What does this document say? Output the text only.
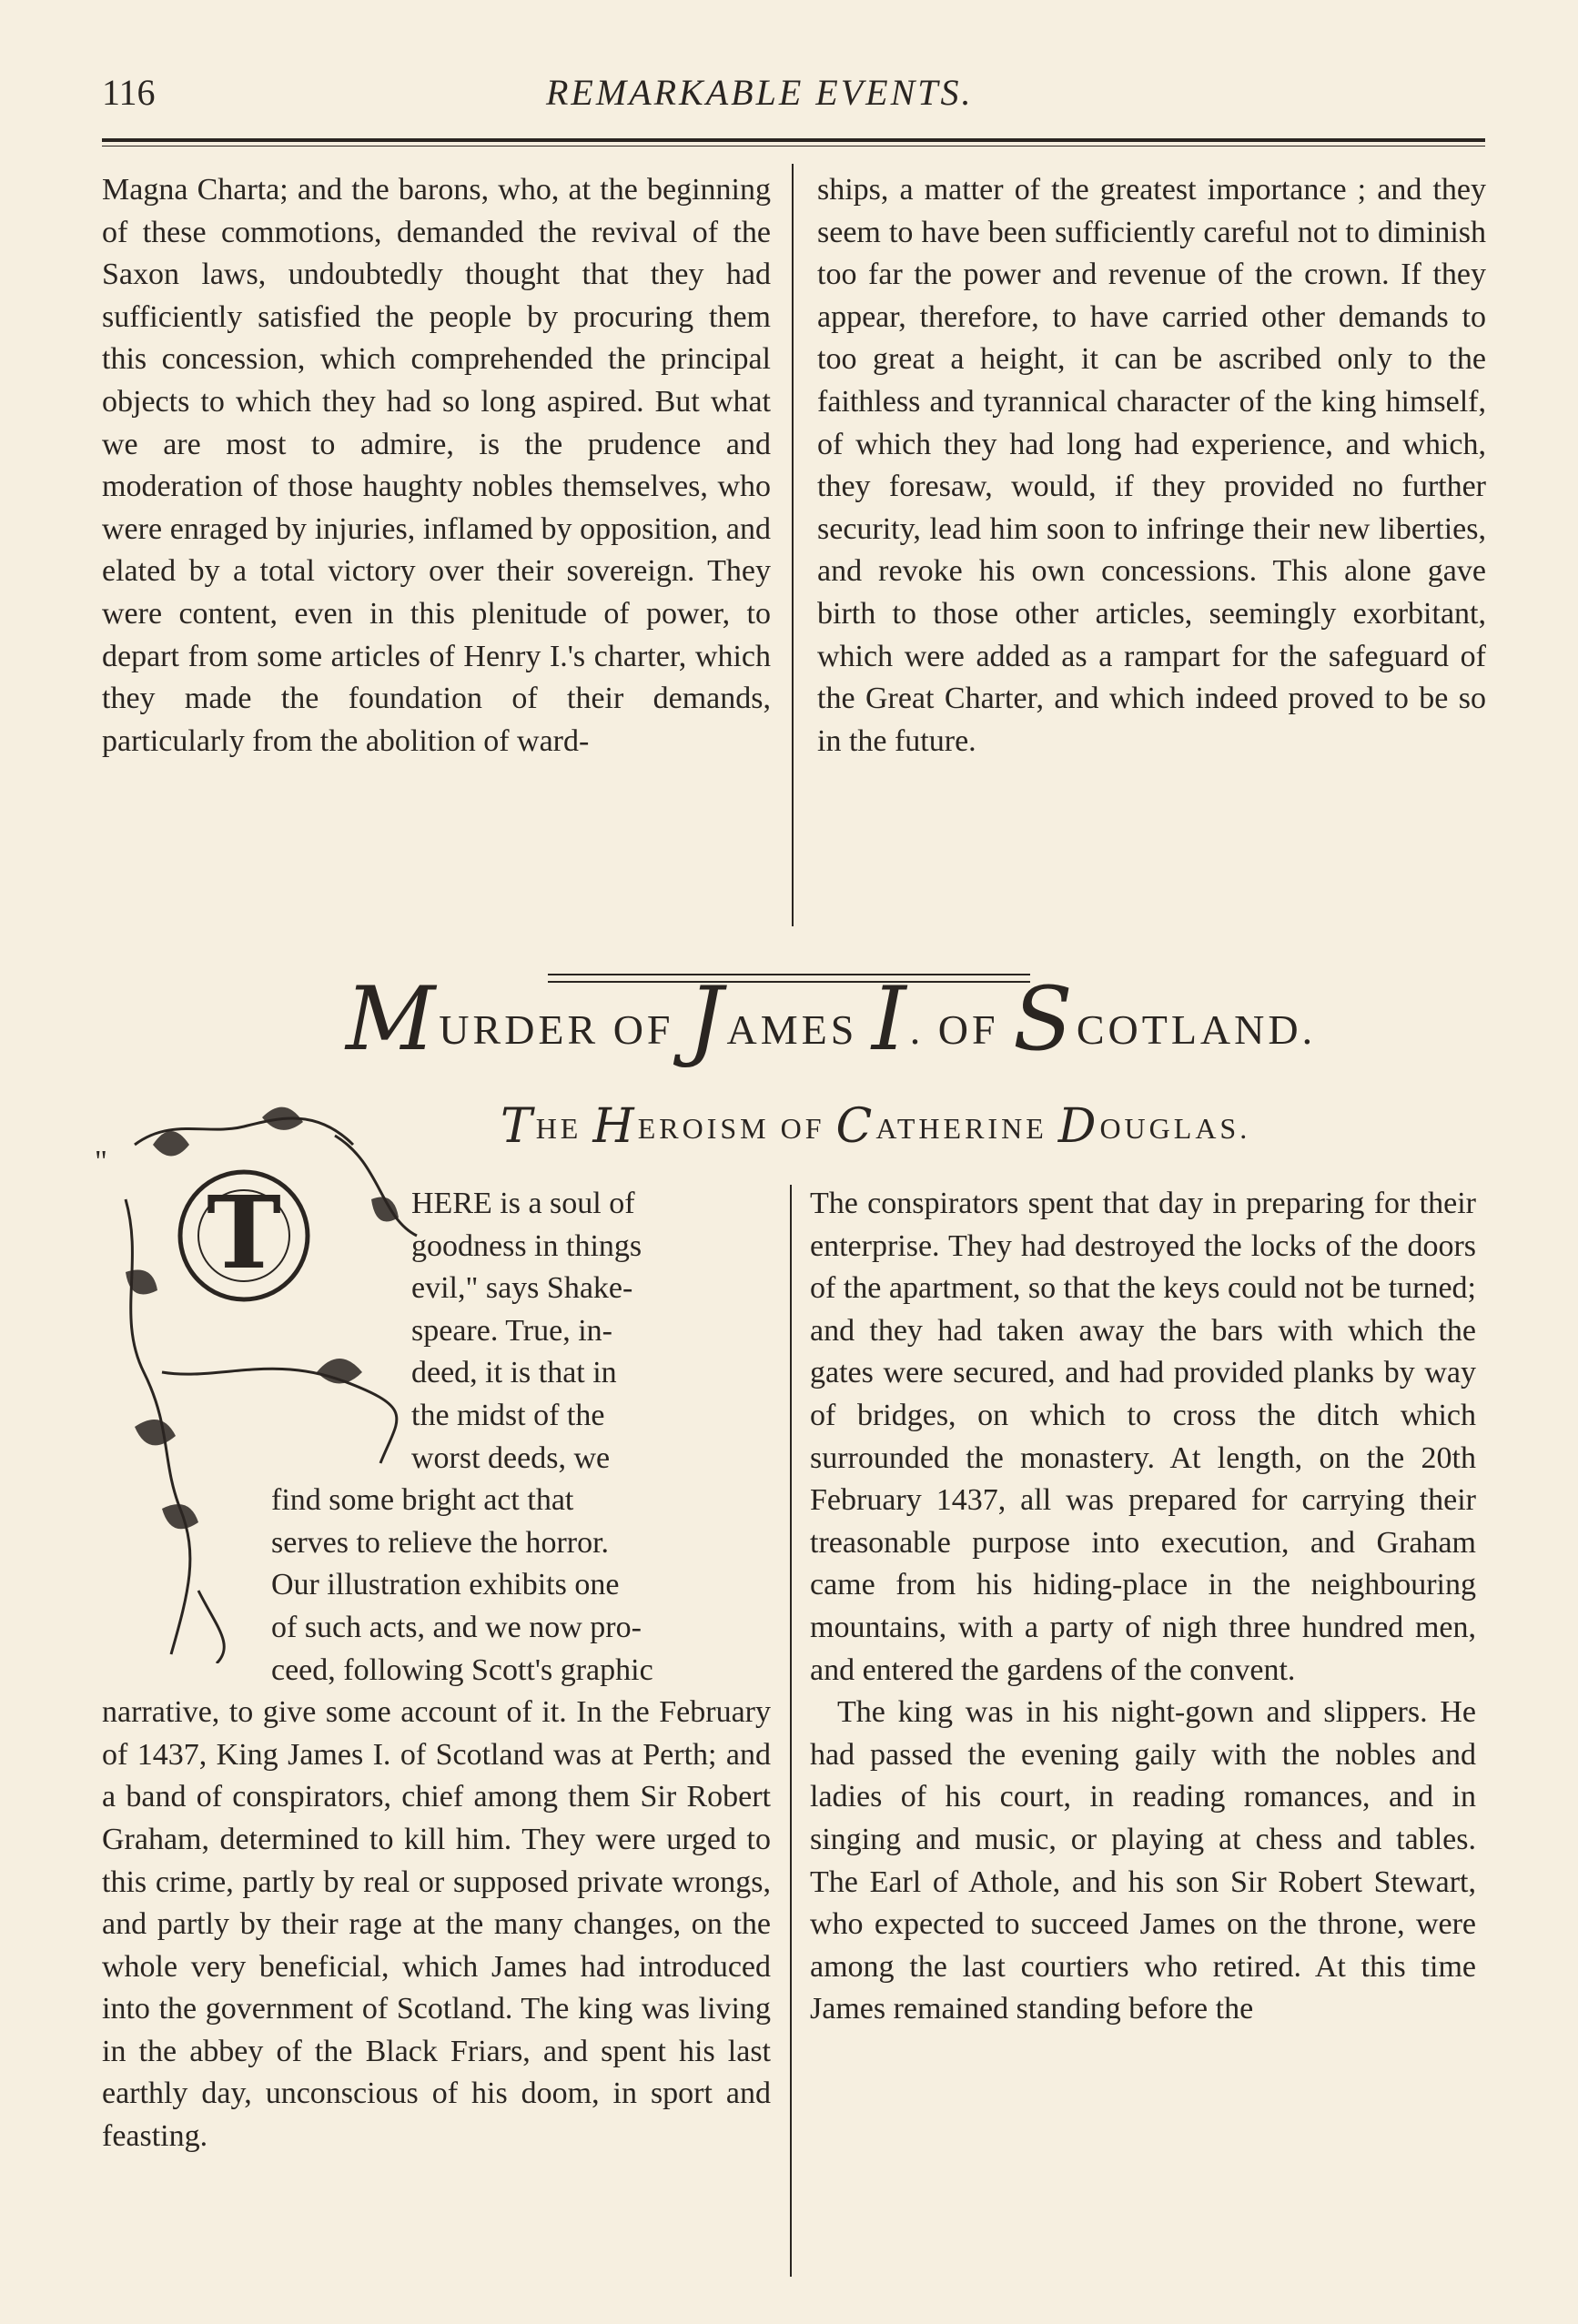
116	REMARKABLE EVENTS.

Magna Charta; and the barons, who, at the beginning of these commotions, demanded the revival of the Saxon laws, undoubtedly thought that they had sufficiently satisfied the people by procuring them this concession, which comprehended the principal objects to which they had so long aspired. But what we are most to admire, is the prudence and moderation of those haughty nobles themselves, who were enraged by injuries, inflamed by opposition, and elated by a total victory over their sovereign. They were content, even in this plenitude of power, to depart from some articles of Henry I.'s charter, which they made the foundation of their demands, particularly from the abolition of ward-

ships, a matter of the greatest importance ; and they seem to have been sufficiently careful not to diminish too far the power and revenue of the crown. If they appear, therefore, to have carried other demands to too great a height, it can be ascribed only to the faithless and tyrannical character of the king himself, of which they had long had experience, and which, they foresaw, would, if they provided no further security, lead him soon to infringe their new liberties, and revoke his own concessions. This alone gave birth to those other articles, seemingly exorbitant, which were added as a rampart for the safeguard of the Great Charter, and which indeed proved to be so in the future.

MURDER OF JAMES I. OF SCOTLAND.
THE HEROISM OF CATHERINE DOUGLAS.
"
T	HERE is a soul of
goodness in things
evil," says Shake-
speare. True, in-
deed, it is that in
the midst of the
worst deeds, we
find some bright act that
serves to relieve the horror.
Our illustration exhibits one
of such acts, and we now pro-
ceed, following Scott's graphic

narrative, to give some account of it. In the February of 1437, King James I. of Scotland was at Perth; and a band of conspirators, chief among them Sir Robert Graham, determined to kill him. They were urged to this crime, partly by real or supposed private wrongs, and partly by their rage at the many changes, on the whole very beneficial, which James had introduced into the government of Scotland. The king was living in the abbey of the Black Friars, and spent his last earthly day, unconscious of his doom, in sport and feasting.

The conspirators spent that day in preparing for their enterprise. They had destroyed the locks of the doors of the apartment, so that the keys could not be turned; and they had taken away the bars with which the gates were secured, and had provided planks by way of bridges, on which to cross the ditch which surrounded the monastery. At length, on the 20th February 1437, all was prepared for carrying their treasonable purpose into execution, and Graham came from his hiding-place in the neighbouring mountains, with a party of nigh three hundred men, and entered the gardens of the convent.

The king was in his night-gown and slippers. He had passed the evening gaily with the nobles and ladies of his court, in reading romances, and in singing and music, or playing at chess and tables. The Earl of Athole, and his son Sir Robert Stewart, who expected to succeed James on the throne, were among the last courtiers who retired. At this time James remained standing before the
